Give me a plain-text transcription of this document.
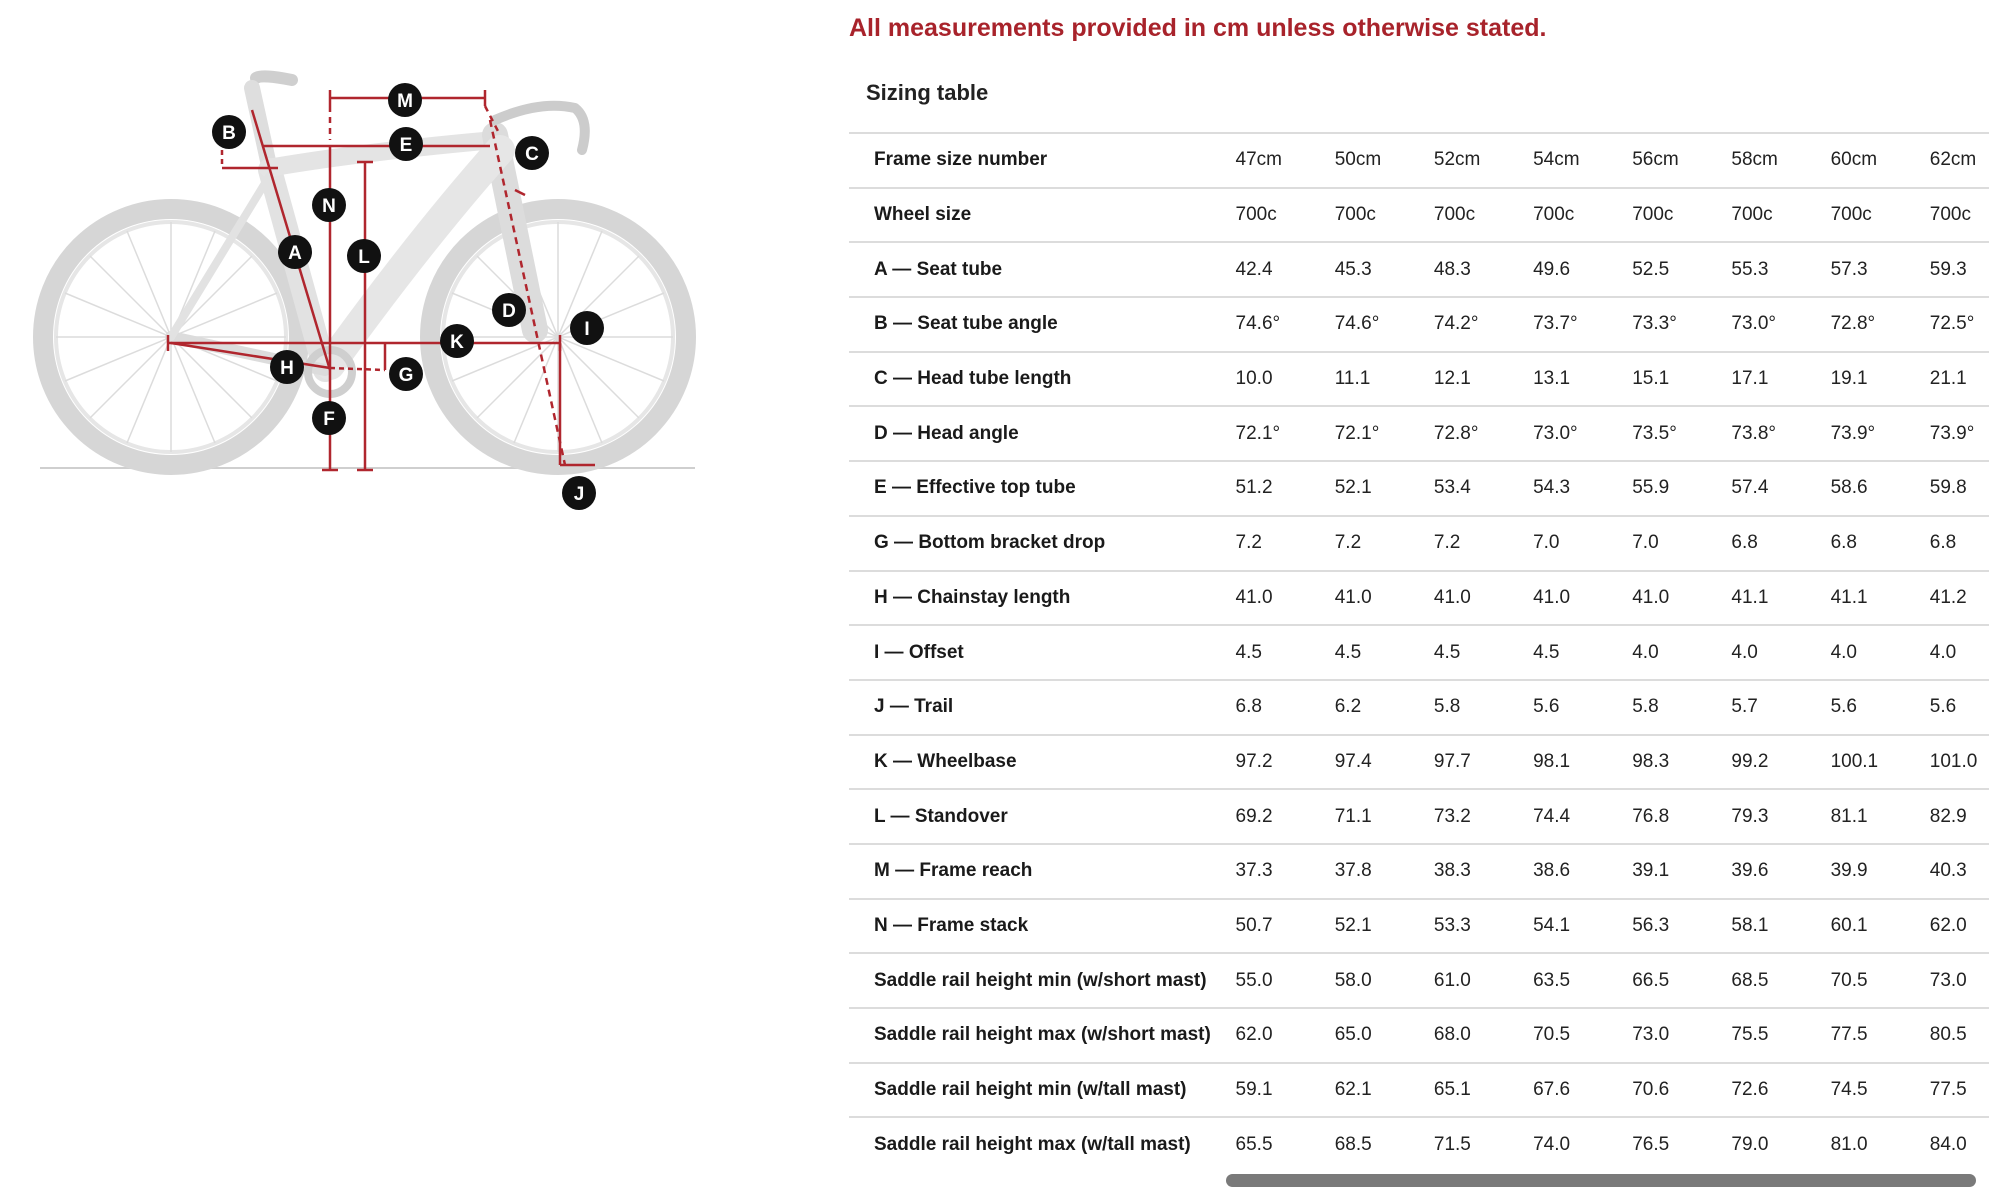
M
B
E	C
N
A	L
D
I
K
H	G
F
J

All measurements provided in cm unless otherwise stated.

Sizing table
Frame size number	47cm	50cm	52cm	54cm	56cm	58cm	60cm	62cm
Wheel size	700c	700c	700c	700c	700c	700c	700c	700c
A — Seat tube	42.4	45.3	48.3	49.6	52.5	55.3	57.3	59.3
B — Seat tube angle	74.6°	74.6°	74.2°	73.7°	73.3°	73.0°	72.8°	72.5°
C — Head tube length	10.0	11.1	12.1	13.1	15.1	17.1	19.1	21.1
D — Head angle	72.1°	72.1°	72.8°	73.0°	73.5°	73.8°	73.9°	73.9°
E — Effective top tube	51.2	52.1	53.4	54.3	55.9	57.4	58.6	59.8
G — Bottom bracket drop	7.2	7.2	7.2	7.0	7.0	6.8	6.8	6.8
H — Chainstay length	41.0	41.0	41.0	41.0	41.0	41.1	41.1	41.2
I — Offset	4.5	4.5	4.5	4.5	4.0	4.0	4.0	4.0
J — Trail	6.8	6.2	5.8	5.6	5.8	5.7	5.6	5.6
K — Wheelbase	97.2	97.4	97.7	98.1	98.3	99.2	100.1	101.0
L — Standover	69.2	71.1	73.2	74.4	76.8	79.3	81.1	82.9
M — Frame reach	37.3	37.8	38.3	38.6	39.1	39.6	39.9	40.3
N — Frame stack	50.7	52.1	53.3	54.1	56.3	58.1	60.1	62.0
Saddle rail height min (w/short mast)	55.0	58.0	61.0	63.5	66.5	68.5	70.5	73.0
Saddle rail height max (w/short mast)	62.0	65.0	68.0	70.5	73.0	75.5	77.5	80.5
Saddle rail height min (w/tall mast)	59.1	62.1	65.1	67.6	70.6	72.6	74.5	77.5
Saddle rail height max (w/tall mast)	65.5	68.5	71.5	74.0	76.5	79.0	81.0	84.0
